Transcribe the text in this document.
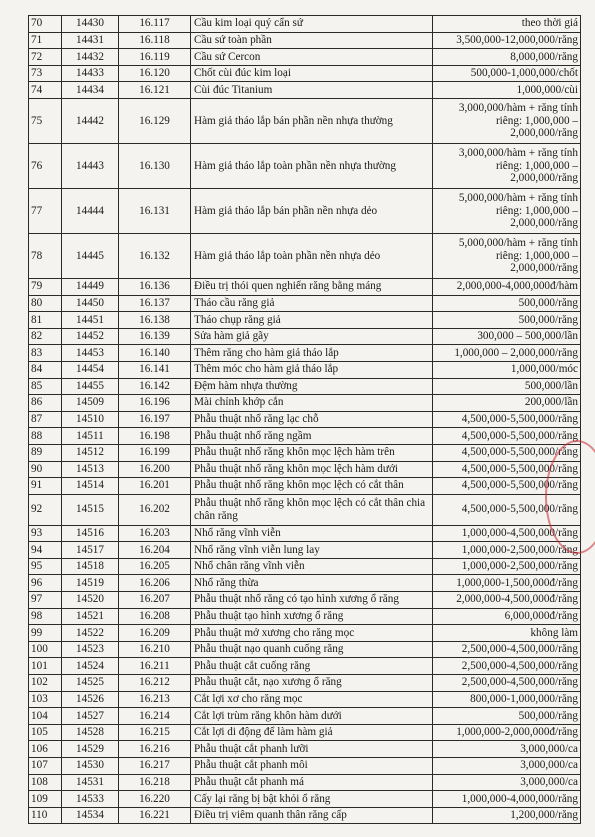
70	14430	16.117	Cầu kim loại quý cẩn sứ	theo thời giá
71	14431	16.118	Cầu sứ toàn phần	3,500,000-12,000,000/răng
72	14432	16.119	Cầu sứ Cercon	8,000,000/răng
73	14433	16.120	Chốt cùi đúc kim loại	500,000-1,000,000/chốt
74	14434	16.121	Cùi đúc Titanium	1,000,000/cùi
75	14442	16.129	Hàm giả tháo lắp bán phần nền nhựa thường	3,000,000/hàm + răng tính riêng: 1,000,000 – 2,000,000/răng
76	14443	16.130	Hàm giả tháo lắp toàn phần nền nhựa thường	3,000,000/hàm + răng tính riêng: 1,000,000 – 2,000,000/răng
77	14444	16.131	Hàm giả tháo lắp bán phần nền nhựa dẻo	5,000,000/hàm + răng tính riêng: 1,000,000 – 2,000,000/răng
78	14445	16.132	Hàm giả tháo lắp toàn phần nền nhựa dẻo	5,000,000/hàm + răng tính riêng: 1,000,000 – 2,000,000/răng
79	14449	16.136	Điều trị thói quen nghiến răng bằng máng	2,000,000-4,000,000đ/hàm
80	14450	16.137	Tháo cầu răng giả	500,000/răng
81	14451	16.138	Tháo chụp răng giả	500,000/răng
82	14452	16.139	Sửa hàm giả gãy	300,000 – 500,000/lần
83	14453	16.140	Thêm răng cho hàm giả tháo lắp	1,000,000 – 2,000,000/răng
84	14454	16.141	Thêm móc cho hàm giả tháo lắp	1,000,000/móc
85	14455	16.142	Đệm hàm nhựa thường	500,000/lần
86	14509	16.196	Mài chỉnh khớp cắn	200,000/lần
87	14510	16.197	Phẫu thuật nhổ răng lạc chỗ	4,500,000-5,500,000/răng
88	14511	16.198	Phẫu thuật nhổ răng ngầm	4,500,000-5,500,000/răng
89	14512	16.199	Phẫu thuật nhổ răng khôn mọc lệch hàm trên	4,500,000-5,500,000/răng
90	14513	16.200	Phẫu thuật nhổ răng khôn mọc lệch hàm dưới	4,500,000-5,500,000/răng
91	14514	16.201	Phẫu thuật nhổ răng khôn mọc lệch có cắt thân	4,500,000-5,500,000/răng
92	14515	16.202	Phẫu thuật nhổ răng khôn mọc lệch có cắt thân chia chân răng	4,500,000-5,500,000/răng
93	14516	16.203	Nhổ răng vĩnh viễn	1,000,000-4,500,000/răng
94	14517	16.204	Nhổ răng vĩnh viễn lung lay	1,000,000-2,500,000/răng
95	14518	16.205	Nhổ chân răng vĩnh viễn	1,000,000-2,500,000/răng
96	14519	16.206	Nhổ răng thừa	1,000,000-1,500,000đ/răng
97	14520	16.207	Phẫu thuật nhổ răng có tạo hình xương ổ răng	2,000,000-4,500,000đ/răng
98	14521	16.208	Phẫu thuật tạo hình xương ổ răng	6,000,000đ/răng
99	14522	16.209	Phẫu thuật mở xương cho răng mọc	không làm
100	14523	16.210	Phẫu thuật nạo quanh cuống răng	2,500,000-4,500,000/răng
101	14524	16.211	Phẫu thuật cắt cuống răng	2,500,000-4,500,000/răng
102	14525	16.212	Phẫu thuật cắt, nạo xương ổ răng	2,500,000-4,500,000/răng
103	14526	16.213	Cắt lợi xơ cho răng mọc	800,000-1,000,000/răng
104	14527	16.214	Cắt lợi trùm răng khôn hàm dưới	500,000/răng
105	14528	16.215	Cắt lợi di động để làm hàm giả	1,000,000-2,000,000đ/răng
106	14529	16.216	Phẫu thuật cắt phanh lưỡi	3,000,000/ca
107	14530	16.217	Phẫu thuật cắt phanh môi	3,000,000/ca
108	14531	16.218	Phẫu thuật cắt phanh má	3,000,000/ca
109	14533	16.220	Cấy lại răng bị bật khỏi ổ răng	1,000,000-4,000,000/răng
110	14534	16.221	Điều trị viêm quanh thân răng cấp	1,200,000/răng
